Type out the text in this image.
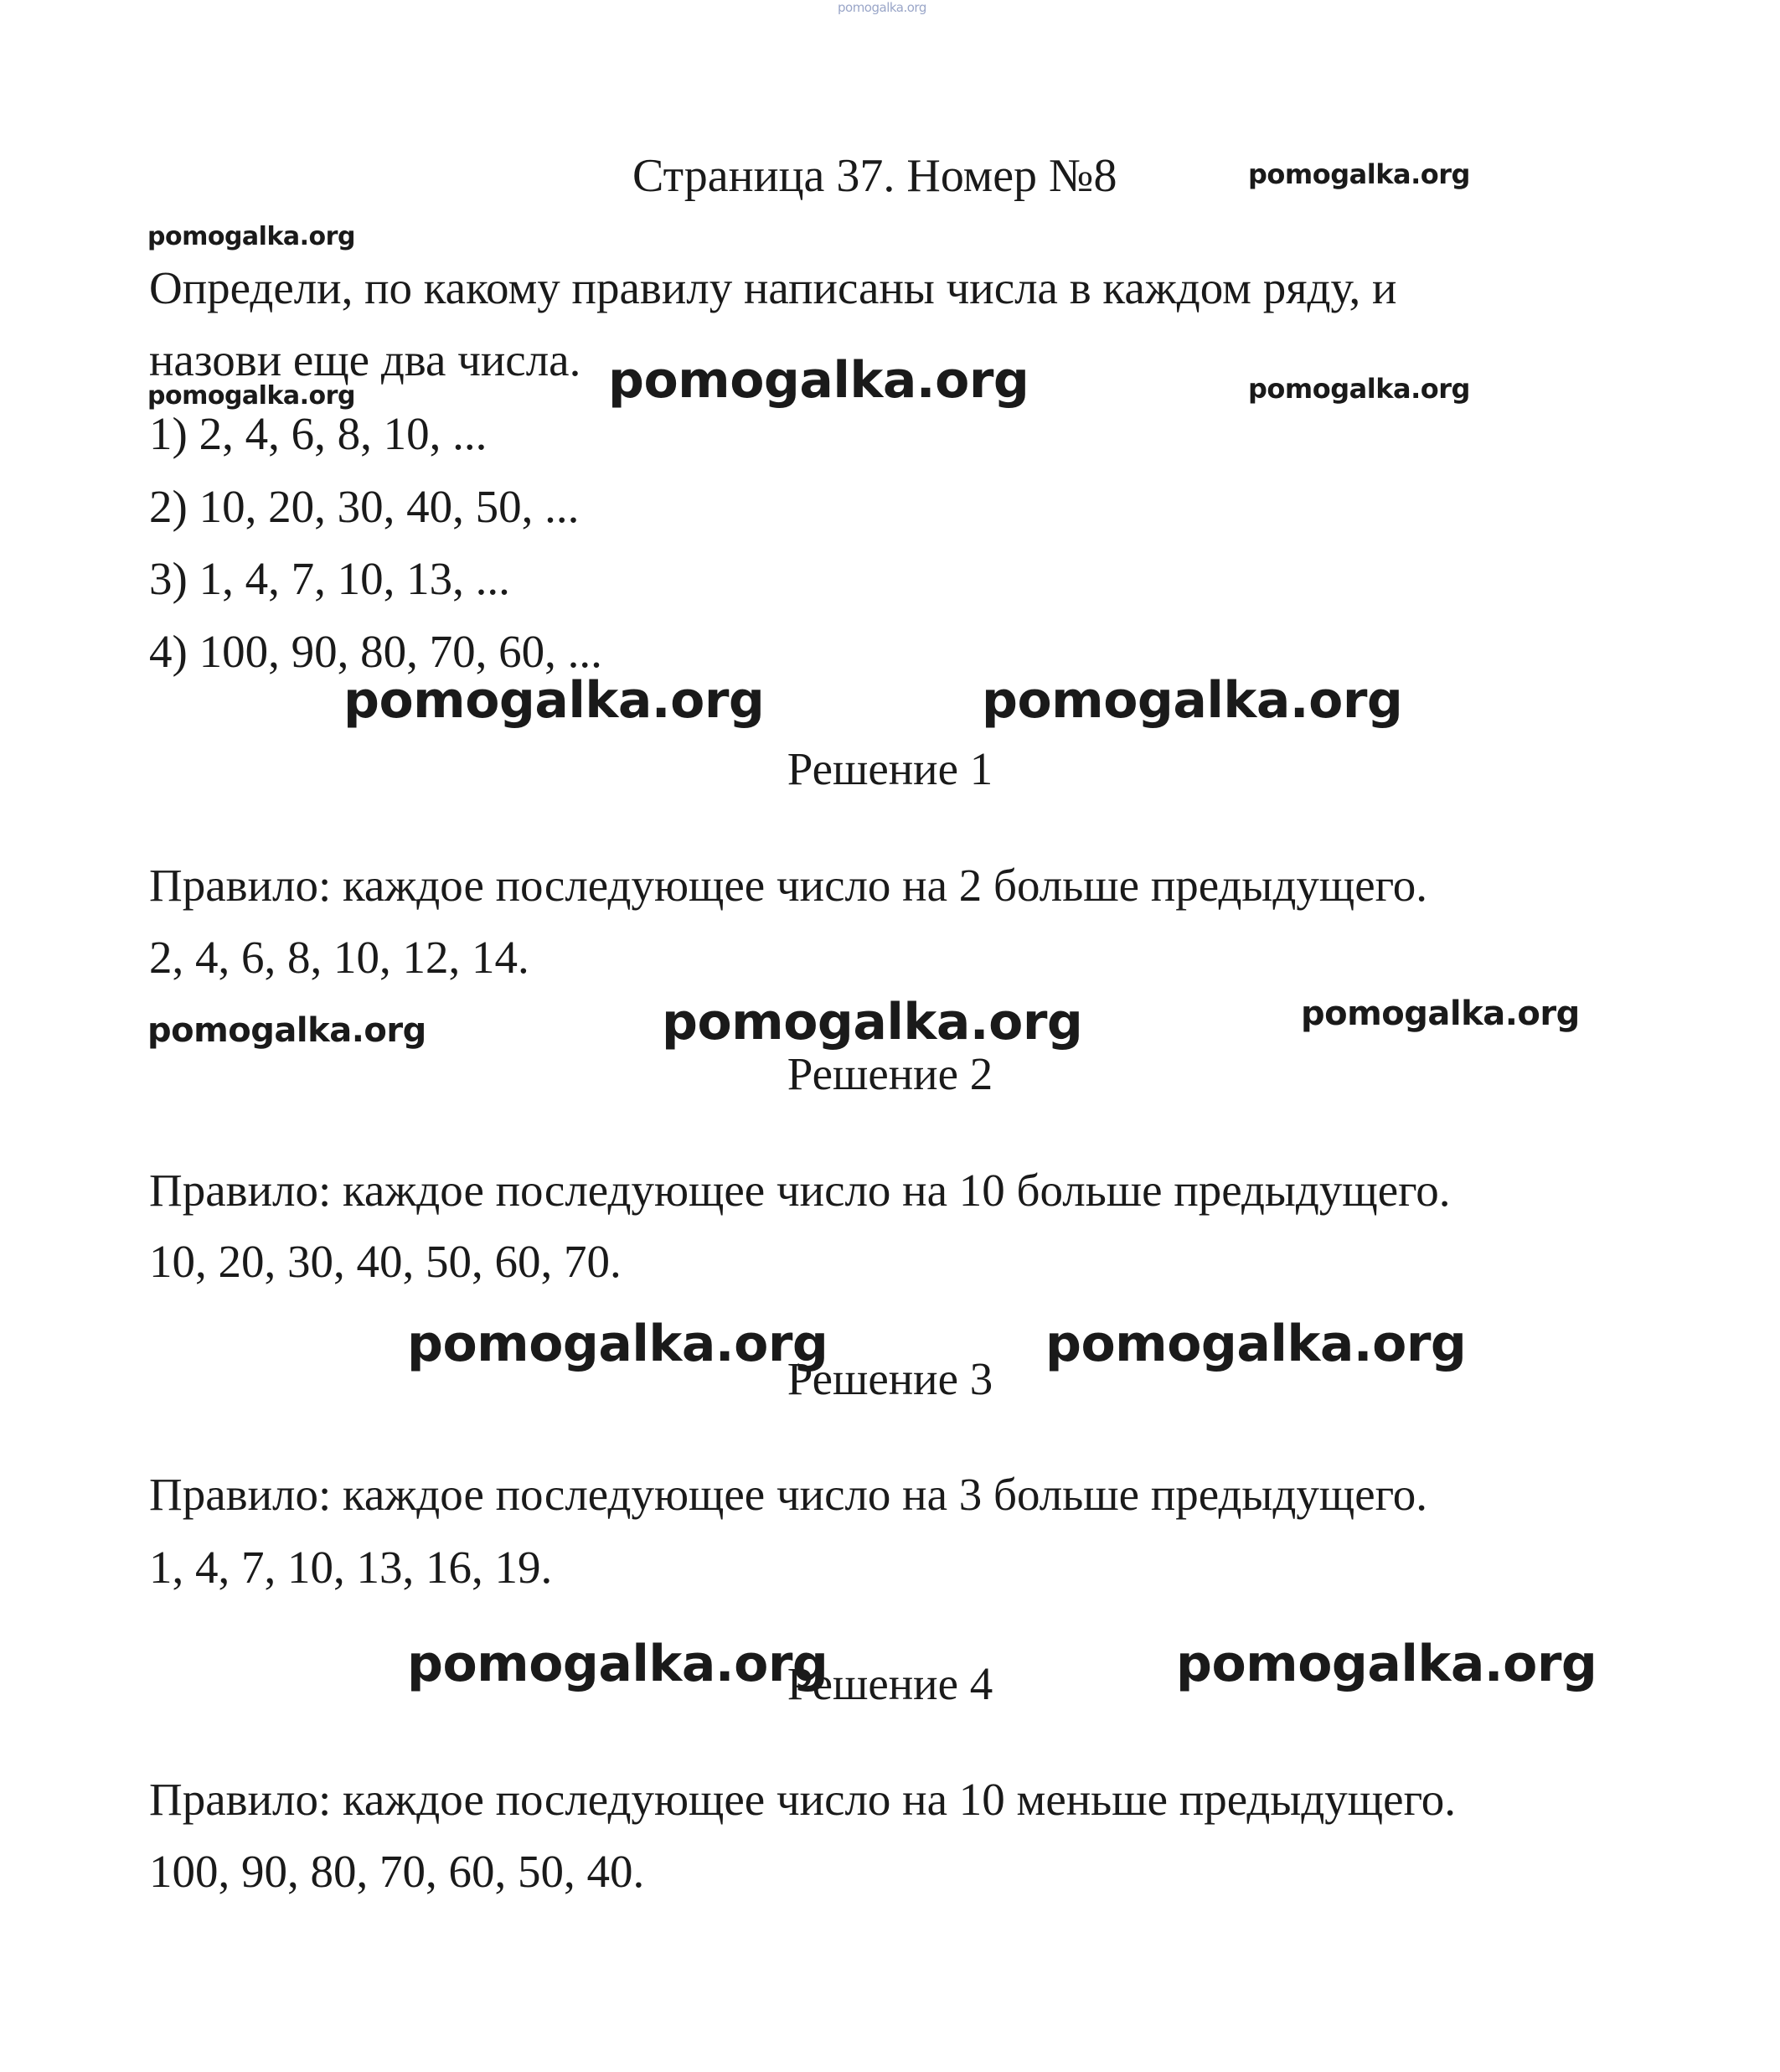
pomogalka.org
Страница 37. Номер №8	pomogalka.org
pomogalka.org
Определи, по какому правилу написаны числа в каждом ряду, и
назови еще два числа. pomogalka.org
pomogalka.org	pomogalka.org
1) 2, 4, 6, 8, 10, ...
2) 10, 20, 30, 40, 50, ...
3) 1, 4, 7, 10, 13, ...
4) 100, 90, 80, 70, 60, ...
pomogalka.org	pomogalka.org
Решение 1
Правило: каждое последующее число на 2 больше предыдущего.
2, 4, 6, 8, 10, 12, 14.
pomogalka.org	pomogalka.org	pomogalka.org
Решение 2
Правило: каждое последующее число на 10 больше предыдущего.
10, 20, 30, 40, 50, 60, 70.
pomogalka.org	pomogalka.org
Решение 3
Правило: каждое последующее число на 3 больше предыдущего.
1, 4, 7, 10, 13, 16, 19.
pomogalka.org	pomogalka.org
Решение 4
Правило: каждое последующее число на 10 меньше предыдущего.
100, 90, 80, 70, 60, 50, 40.
